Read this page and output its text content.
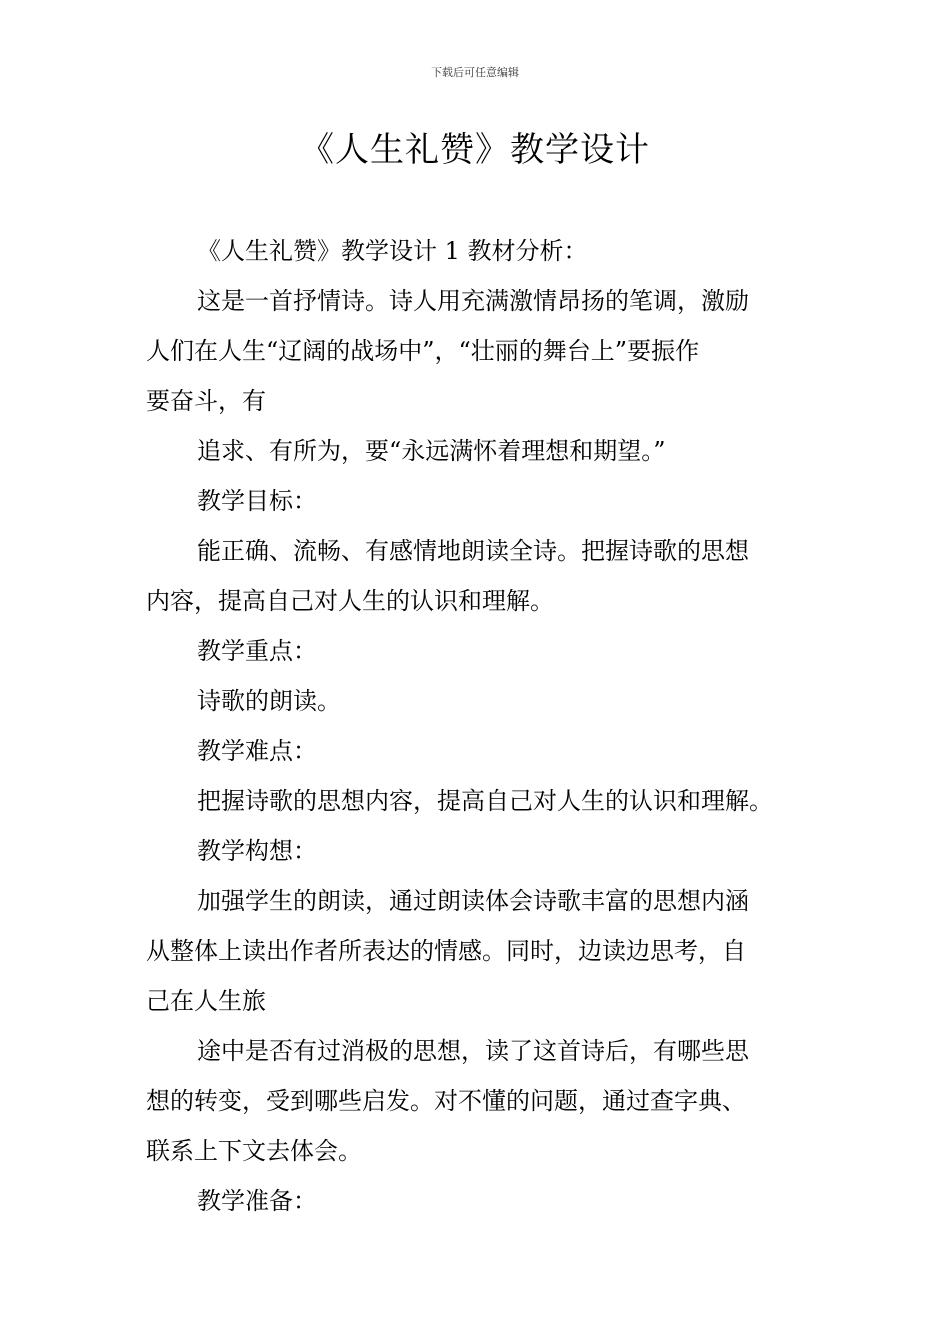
下载后可任意编辑
《人生礼赞》教学设计

《人生礼赞》教学设计 1 教材分析：

这是一首抒情诗。诗人用充满激情昂扬的笔调，激励

人们在人生“辽阔的战场中”，“壮丽的舞台上”要振作

要奋斗，有

追求、有所为，要“永远满怀着理想和期望。”

教学目标：

能正确、流畅、有感情地朗读全诗。把握诗歌的思想

内容，提高自己对人生的认识和理解。

教学重点：

诗歌的朗读。

教学难点：

把握诗歌的思想内容，提高自己对人生的认识和理解。

教学构想：

加强学生的朗读，通过朗读体会诗歌丰富的思想内涵

从整体上读出作者所表达的情感。同时，边读边思考，自

己在人生旅

途中是否有过消极的思想，读了这首诗后，有哪些思

想的转变，受到哪些启发。对不懂的问题，通过查字典、

联系上下文去体会。

教学准备：
